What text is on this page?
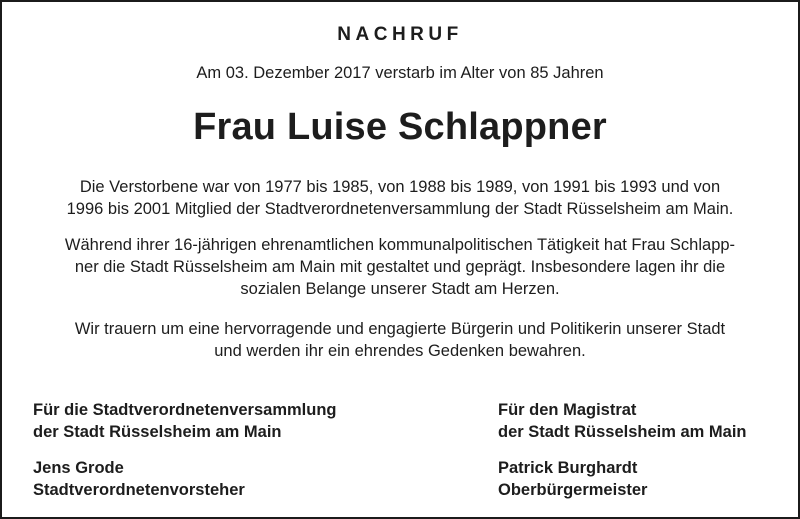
NACHRUF
Am 03. Dezember 2017 verstarb im Alter von 85 Jahren
Frau Luise Schlappner
Die Verstorbene war von 1977 bis 1985, von 1988 bis 1989, von 1991 bis 1993 und von
1996 bis 2001 Mitglied der Stadtverordnetenversammlung der Stadt Rüsselsheim am Main.
Während ihrer 16-jährigen ehrenamtlichen kommunalpolitischen Tätigkeit hat Frau Schlapp-
ner die Stadt Rüsselsheim am Main mit gestaltet und geprägt. Insbesondere lagen ihr die
sozialen Belange unserer Stadt am Herzen.
Wir trauern um eine hervorragende und engagierte Bürgerin und Politikerin unserer Stadt
und werden ihr ein ehrendes Gedenken bewahren.
Für die Stadtverordnetenversammlung
der Stadt Rüsselsheim am Main
Jens Grode
Stadtverordnetenvorsteher
Für den Magistrat
der Stadt Rüsselsheim am Main
Patrick Burghardt
Oberbürgermeister
